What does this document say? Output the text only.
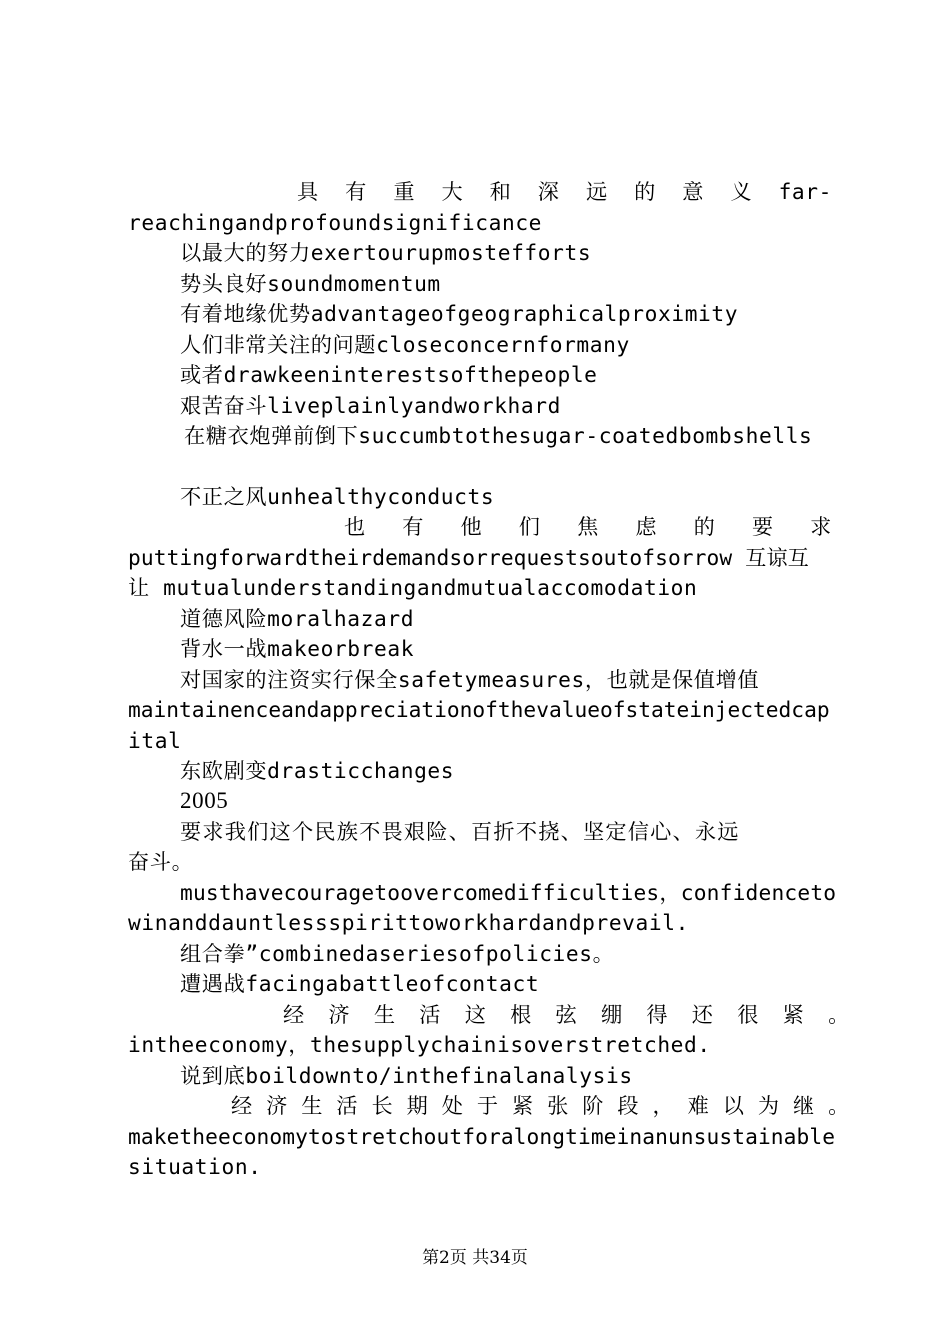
具 有 重 大 和 深 远 的 意 义 far-
reachingandprofoundsignificance
以最大的努力exertourupmostefforts
势头良好soundmomentum
有着地缘优势advantageofgeographicalproximity
人们非常关注的问题closeconcernformany
或者drawkeeninterestsofthepeople
艰苦奋斗liveplainlyandworkhard
在糖衣炮弹前倒下succumbtothesugar-coatedbombshells
不正之风unhealthyconducts
也 有 他 们 焦 虑 的 要 求
puttingforwardtheirdemandsorrequestsoutofsorrow 互谅互
让 mutualunderstandingandmutualaccomodation
道德风险moralhazard
背水一战makeorbreak
对国家的注资实行保全safetymeasures，也就是保值增值
maintainenceandappreciationofthevalueofstateinjectedcap
ital
东欧剧变drasticchanges
2005
要求我们这个民族不畏艰险、百折不挠、坚定信心、永远
奋斗。
musthavecouragetoovercomedifficulties，confidenceto
winanddauntlessspirittoworkhardandprevail.
组合拳”combinedaseriesofpolicies。
遭遇战facingabattleofcontact
经 济 生 活 这 根 弦 绷 得 还 很 紧 。
intheeconomy，thesupplychainisoverstretched.
说到底boildownto/inthefinalanalysis
经 济 生 活 长 期 处 于 紧 张 阶 段 ， 难 以 为 继 。
maketheeconomytostretchoutforalongtimeinanunsustainable
situation.
第2页 共34页
